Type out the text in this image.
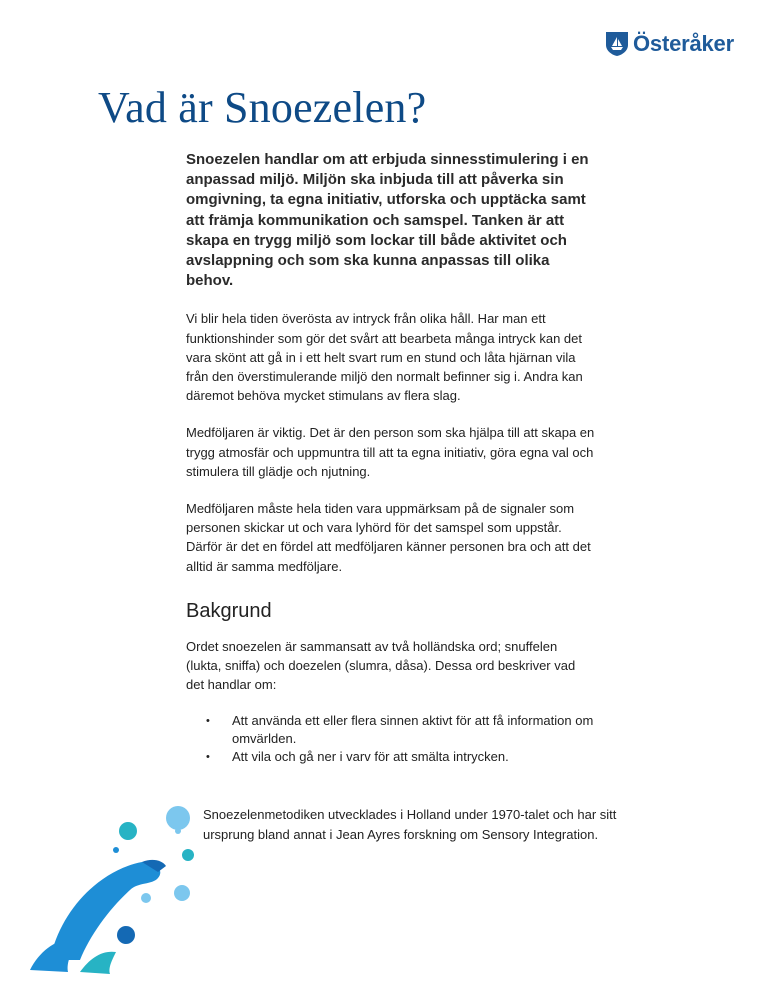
Österåker
Vad är Snoezelen?

Snoezelen handlar om att erbjuda sinnesstimulering i en anpassad miljö. Miljön ska inbjuda till att påverka sin omgivning, ta egna initiativ, utforska och upptäcka samt att främja kommunikation och samspel. Tanken är att skapa en trygg miljö som lockar till både aktivitet och avslappning och som ska kunna anpassas till olika behov.

Vi blir hela tiden överösta av intryck från olika håll. Har man ett funktionshinder som gör det svårt att bearbeta många intryck kan det vara skönt att gå in i ett helt svart rum en stund och låta hjärnan vila från den överstimulerande miljö den normalt befinner sig i. Andra kan däremot behöva mycket stimulans av flera slag.

Medföljaren är viktig. Det är den person som ska hjälpa till att skapa en trygg atmosfär och uppmuntra till att ta egna initiativ, göra egna val och stimulera till glädje och njutning.

Medföljaren måste hela tiden vara uppmärksam på de signaler som personen skickar ut och vara lyhörd för det samspel som uppstår. Därför är det en fördel att medföljaren känner personen bra och att det alltid är samma medföljare.

Bakgrund

Ordet snoezelen är sammansatt av två holländska ord; snuffelen (lukta, sniffa) och doezelen (slumra, dåsa). Dessa ord beskriver vad det handlar om:

• Att använda ett eller flera sinnen aktivt för att få information om omvärlden.
• Att vila och gå ner i varv för att smälta intrycken.

Snoezelenmetodiken utvecklades i Holland under 1970-talet och har sitt ursprung bland annat i Jean Ayres forskning om Sensory Integration.
